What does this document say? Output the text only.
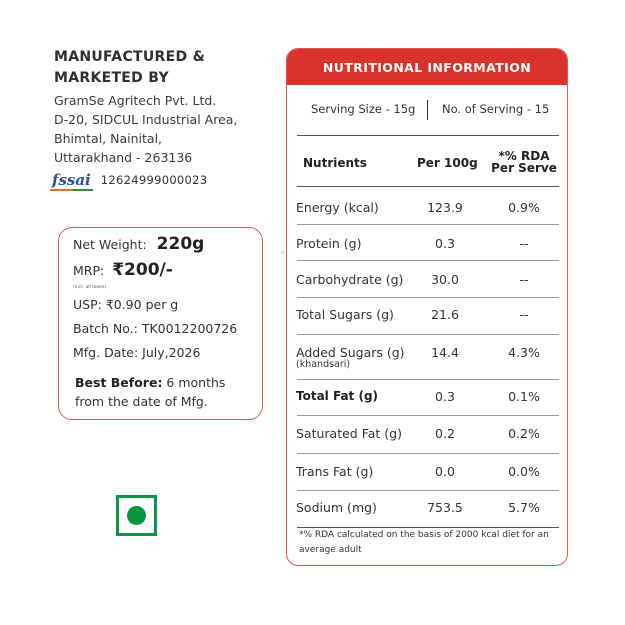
MANUFACTURED &
MARKETED BY
GramSe Agritech Pvt. Ltd.
D-20, SIDCUL Industrial Area,
Bhimtal, Nainital,
Uttarakhand - 263136
fssai 12624999000023
Net Weight: 220g
MRP: ₹200/-
(incl. all taxes)
USP: ₹0.90 per g
Batch No.: TK0012200726
Mfg. Date: July,2026
Best Before: 6 months from the date of Mfg.
ǝ
NUTRITIONAL INFORMATION
Serving Size - 15g No. of Serving - 15
Nutrients	Per 100g	*% RDA
Per Serve
Energy (kcal)	123.9	0.9%
Protein (g)	0.3	--
Carbohydrate (g)	30.0	--
Total Sugars (g)	21.6	--
Added Sugars (g)
(khandsari)
14.4	4.3%
Total Fat (g)	0.3	0.1%
Saturated Fat (g)	0.2	0.2%
Trans Fat (g)	0.0	0.0%
Sodium (mg)	753.5	5.7%
*% RDA calculated on the basis of 2000 kcal diet for an average adult
